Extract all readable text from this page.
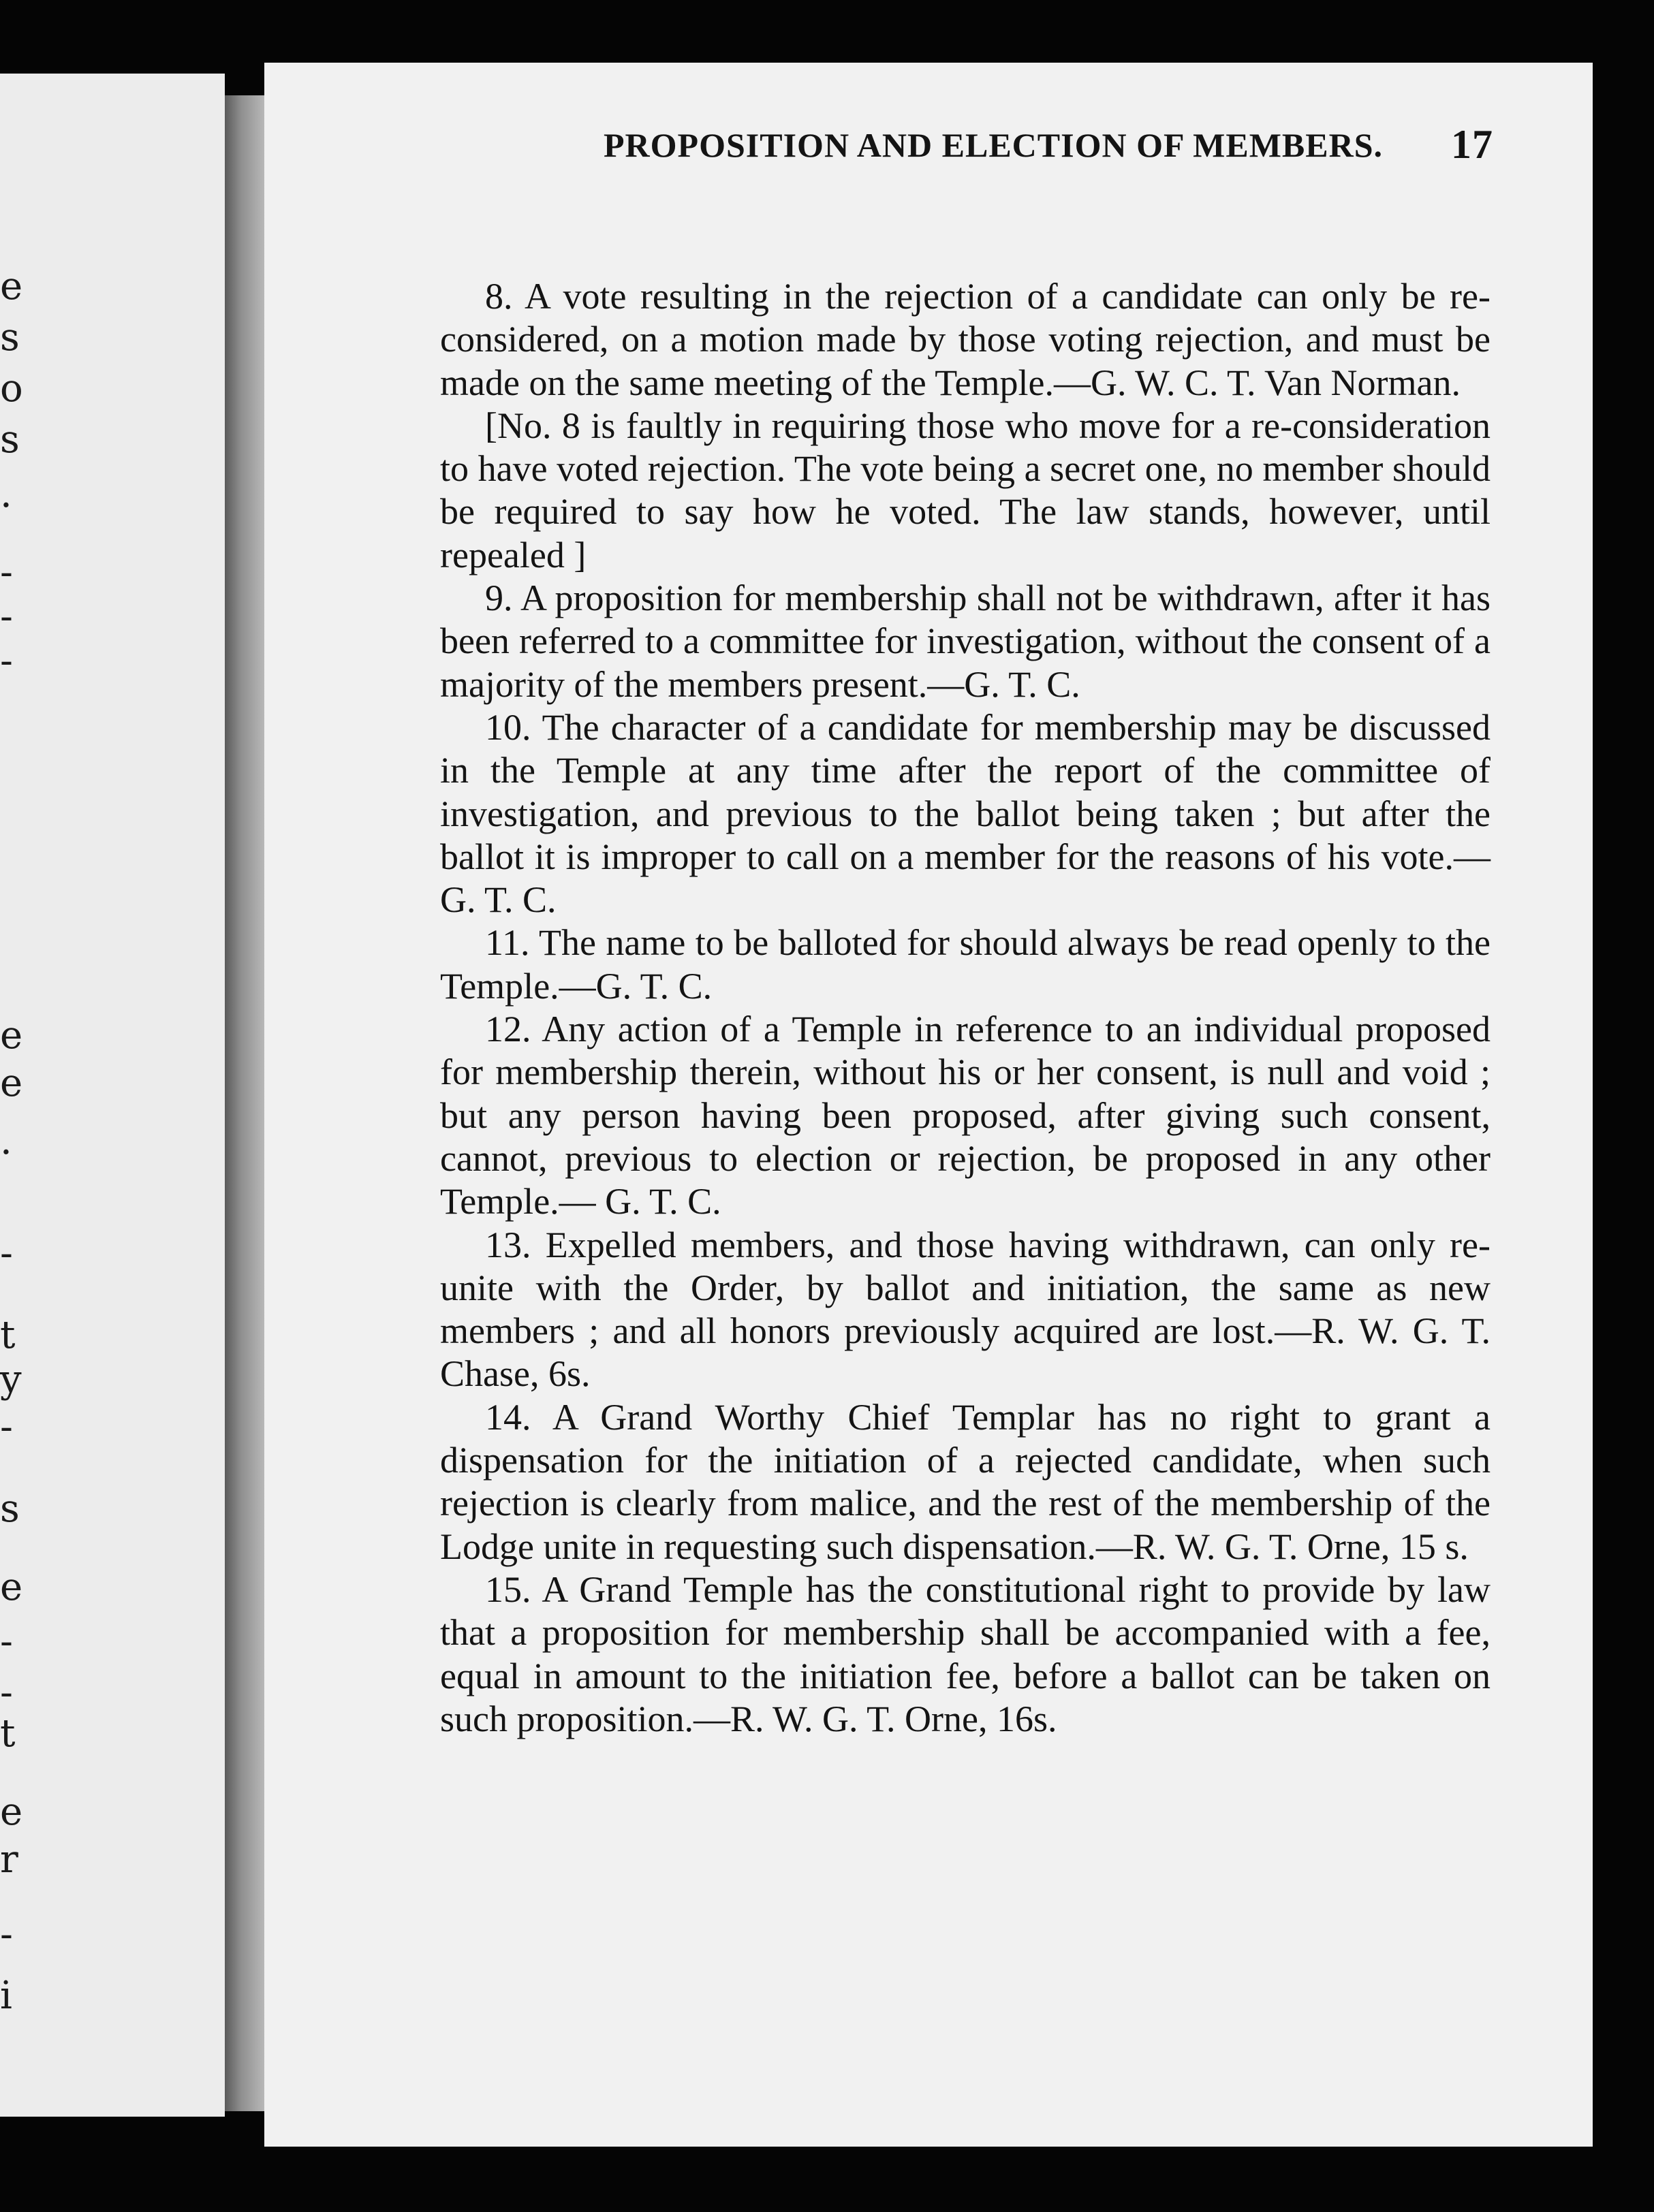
e
s
o
s
.
-
-
-
e
e
.
-
t
y
-
s
e
-
-
t
e
r
-
i
PROPOSITION AND ELECTION OF MEMBERS. 17

8. A vote resulting in the rejection of a candidate can only be re-considered, on a motion made by those voting rejection, and must be made on the same meeting of the Temple.—G. W. C. T. Van Norman.

[No. 8 is faultly in requiring those who move for a re-consideration to have voted rejection. The vote being a secret one, no member should be required to say how he voted. The law stands, however, until repealed ]

9. A proposition for membership shall not be withdrawn, after it has been referred to a committee for investigation, without the consent of a majority of the members present.—G. T. C.

10. The character of a candidate for membership may be discussed in the Temple at any time after the report of the committee of investigation, and previous to the ballot being taken ; but after the ballot it is improper to call on a member for the reasons of his vote.—G. T. C.

11. The name to be balloted for should always be read openly to the Temple.—G. T. C.

12. Any action of a Temple in reference to an individual proposed for membership therein, without his or her consent, is null and void ; but any person having been proposed, after giving such consent, cannot, previous to election or rejection, be proposed in any other Temple.— G. T. C.

13. Expelled members, and those having withdrawn, can only re-unite with the Order, by ballot and initiation, the same as new members ; and all honors previously acquired are lost.—R. W. G. T. Chase, 6s.

14. A Grand Worthy Chief Templar has no right to grant a dispensation for the initiation of a rejected candidate, when such rejection is clearly from malice, and the rest of the membership of the Lodge unite in requesting such dispensation.—R. W. G. T. Orne, 15 s.

15. A Grand Temple has the constitutional right to provide by law that a proposition for membership shall be accompanied with a fee, equal in amount to the initiation fee, before a ballot can be taken on such proposition.—R. W. G. T. Orne, 16s.
